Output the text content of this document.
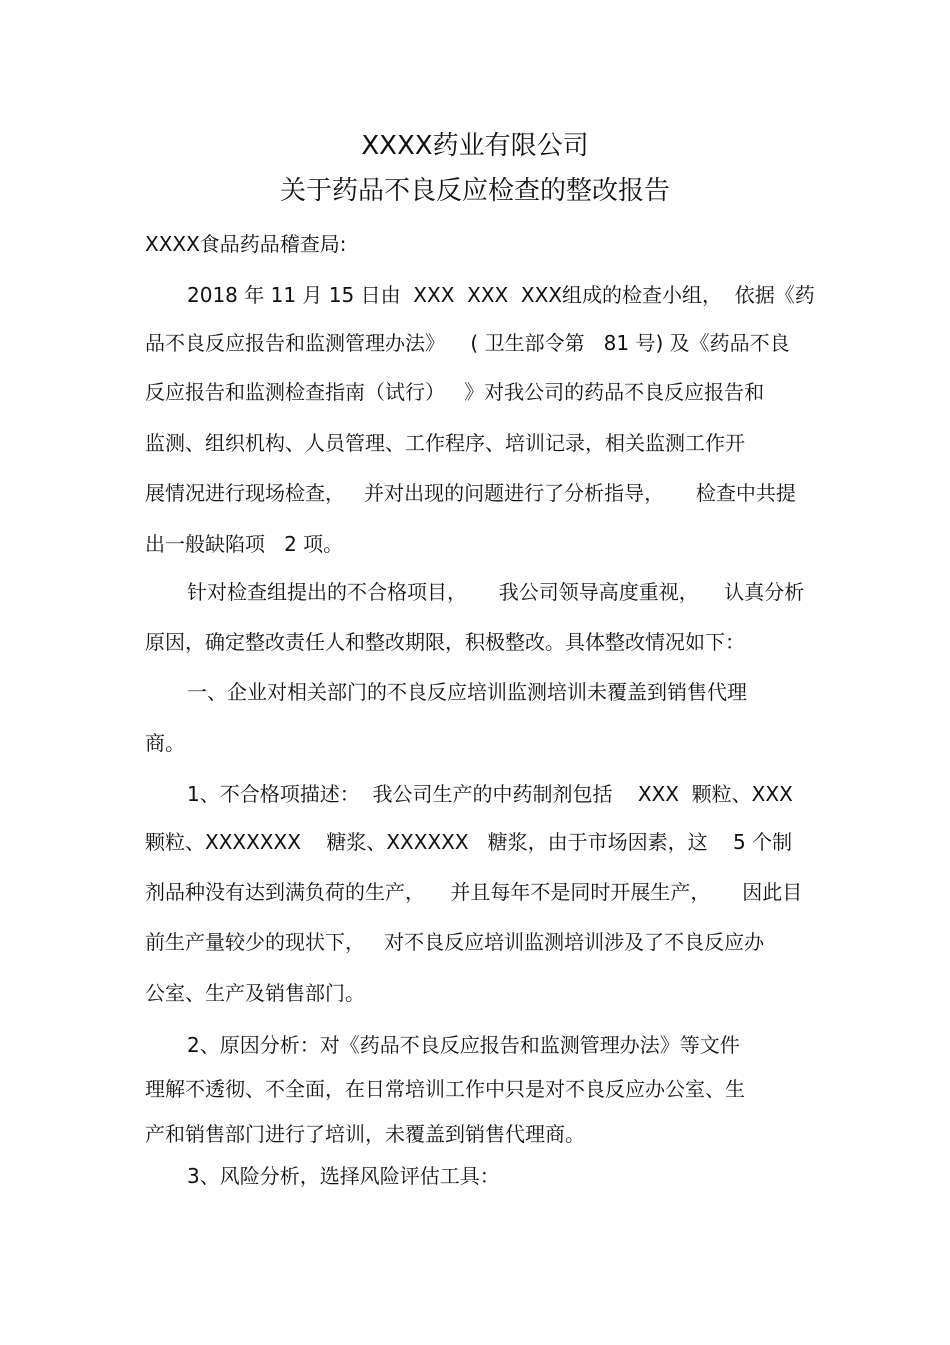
XXXX药业有限公司
关于药品不良反应检查的整改报告
XXXX食品药品稽查局:
2018 年 11 月 15 日由  XXX  XXX  XXX组成的检查小组，  依据《药
品不良反应报告和监测管理办法》    ( 卫生部令第   81 号) 及《药品不良
反应报告和监测检查指南（试行）   》对我公司的药品不良反应报告和
监测、组织机构、人员管理、工作程序、培训记录，相关监测工作开
展情况进行现场检查，   并对出现的问题进行了分析指导，     检查中共提
出一般缺陷项   2 项。
针对检查组提出的不合格项目，     我公司领导高度重视，    认真分析
原因，确定整改责任人和整改期限，积极整改。具体整改情况如下：
一、企业对相关部门的不良反应培训监测培训未覆盖到销售代理
商。
1、不合格项描述：  我公司生产的中药制剂包括    XXX  颗粒、XXX
颗粒、XXXXXXX    糖浆、XXXXXX   糖浆，由于市场因素，这    5 个制
剂品种没有达到满负荷的生产，    并且每年不是同时开展生产，     因此目
前生产量较少的现状下，   对不良反应培训监测培训涉及了不良反应办
公室、生产及销售部门。
2、原因分析：对《药品不良反应报告和监测管理办法》等文件
理解不透彻、不全面，在日常培训工作中只是对不良反应办公室、生
产和销售部门进行了培训，未覆盖到销售代理商。
3、风险分析，选择风险评估工具：
